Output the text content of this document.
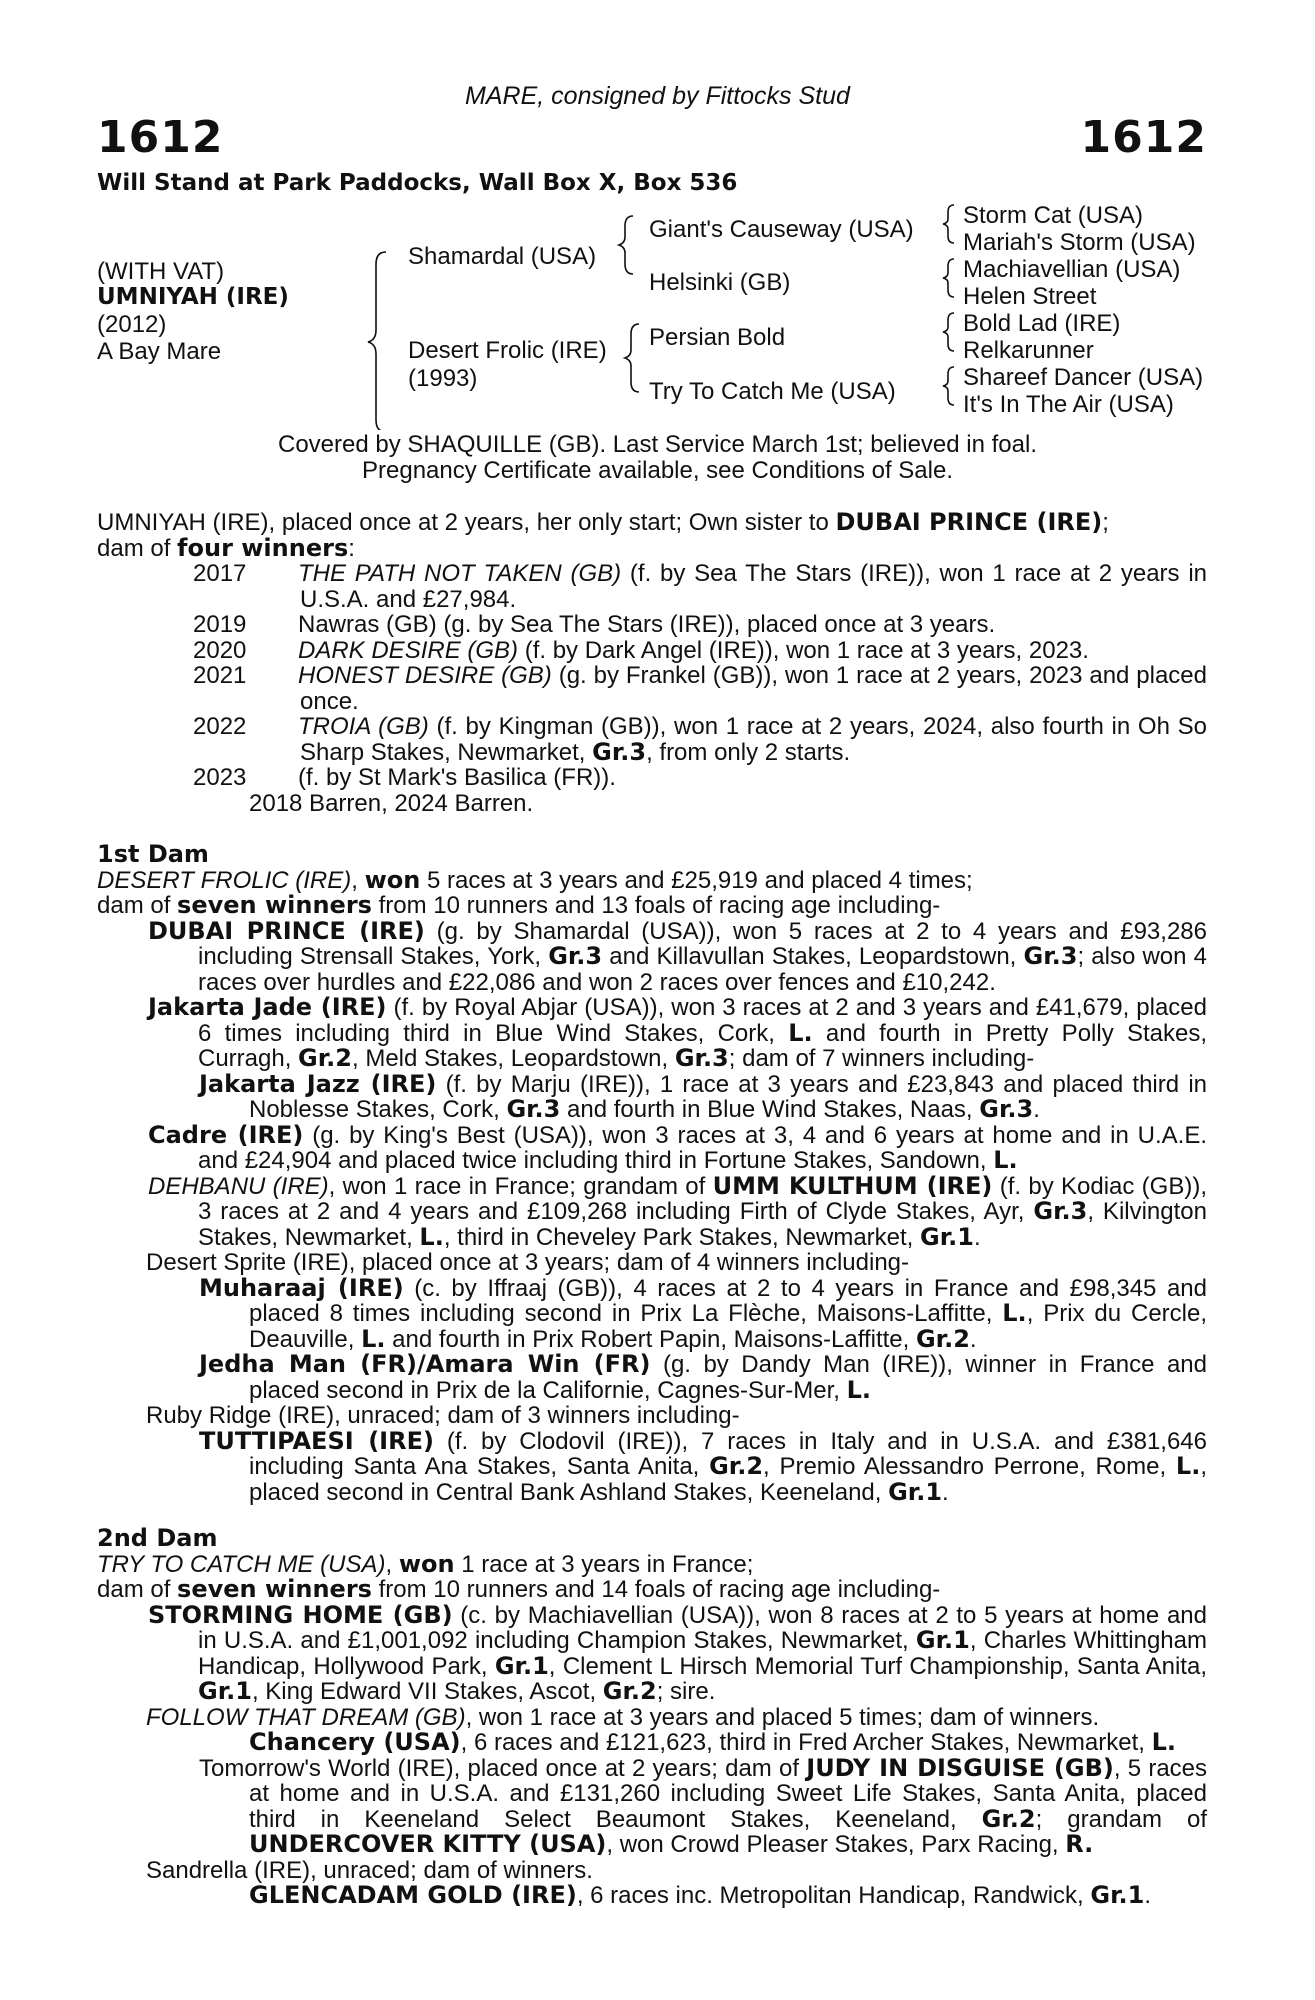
MARE, consigned by Fittocks Stud
1612	1612
Will Stand at Park Paddocks, Wall Box X, Box 536
(WITH VAT)
UMNIYAH (IRE)
(2012)
A Bay Mare
Shamardal (USA)
Desert Frolic (IRE)
(1993)
Giant's Causeway (USA)
Helsinki (GB)
Persian Bold
Try To Catch Me (USA)
Storm Cat (USA)
Mariah's Storm (USA)
Machiavellian (USA)
Helen Street
Bold Lad (IRE)
Relkarunner
Shareef Dancer (USA)
It's In The Air (USA)
Covered by SHAQUILLE (GB). Last Service March 1st; believed in foal.
Pregnancy Certificate available, see Conditions of Sale.

UMNIYAH (IRE), placed once at 2 years, her only start; Own sister to DUBAI PRINCE (IRE);

dam of four winners:

2017 THE PATH NOT TAKEN (GB) (f. by Sea The Stars (IRE)), won 1 race at 2 years in U.S.A. and £27,984.

2019 Nawras (GB) (g. by Sea The Stars (IRE)), placed once at 3 years.

2020 DARK DESIRE (GB) (f. by Dark Angel (IRE)), won 1 race at 3 years, 2023.

2021 HONEST DESIRE (GB) (g. by Frankel (GB)), won 1 race at 2 years, 2023 and placed once.

2022 TROIA (GB) (f. by Kingman (GB)), won 1 race at 2 years, 2024, also fourth in Oh So Sharp Stakes, Newmarket, Gr.3, from only 2 starts.

2023 (f. by St Mark's Basilica (FR)).

2018 Barren, 2024 Barren.

1st Dam

DESERT FROLIC (IRE), won 5 races at 3 years and £25,919 and placed 4 times;

dam of seven winners from 10 runners and 13 foals of racing age including-

DUBAI PRINCE (IRE) (g. by Shamardal (USA)), won 5 races at 2 to 4 years and £93,286 including Strensall Stakes, York, Gr.3 and Killavullan Stakes, Leopardstown, Gr.3; also won 4 races over hurdles and £22,086 and won 2 races over fences and £10,242.

Jakarta Jade (IRE) (f. by Royal Abjar (USA)), won 3 races at 2 and 3 years and £41,679, placed 6 times including third in Blue Wind Stakes, Cork, L. and fourth in Pretty Polly Stakes, Curragh, Gr.2, Meld Stakes, Leopardstown, Gr.3; dam of 7 winners including-

Jakarta Jazz (IRE) (f. by Marju (IRE)), 1 race at 3 years and £23,843 and placed third in Noblesse Stakes, Cork, Gr.3 and fourth in Blue Wind Stakes, Naas, Gr.3.

Cadre (IRE) (g. by King's Best (USA)), won 3 races at 3, 4 and 6 years at home and in U.A.E. and £24,904 and placed twice including third in Fortune Stakes, Sandown, L.

DEHBANU (IRE), won 1 race in France; grandam of UMM KULTHUM (IRE) (f. by Kodiac (GB)), 3 races at 2 and 4 years and £109,268 including Firth of Clyde Stakes, Ayr, Gr.3, Kilvington Stakes, Newmarket, L., third in Cheveley Park Stakes, Newmarket, Gr.1.

Desert Sprite (IRE), placed once at 3 years; dam of 4 winners including-

Muharaaj (IRE) (c. by Iffraaj (GB)), 4 races at 2 to 4 years in France and £98,345 and placed 8 times including second in Prix La Flèche, Maisons-Laffitte, L., Prix du Cercle, Deauville, L. and fourth in Prix Robert Papin, Maisons-Laffitte, Gr.2.

Jedha Man (FR)/Amara Win (FR) (g. by Dandy Man (IRE)), winner in France and placed second in Prix de la Californie, Cagnes-Sur-Mer, L.

Ruby Ridge (IRE), unraced; dam of 3 winners including-

TUTTIPAESI (IRE) (f. by Clodovil (IRE)), 7 races in Italy and in U.S.A. and £381,646 including Santa Ana Stakes, Santa Anita, Gr.2, Premio Alessandro Perrone, Rome, L., placed second in Central Bank Ashland Stakes, Keeneland, Gr.1.

2nd Dam

TRY TO CATCH ME (USA), won 1 race at 3 years in France;

dam of seven winners from 10 runners and 14 foals of racing age including-

STORMING HOME (GB) (c. by Machiavellian (USA)), won 8 races at 2 to 5 years at home and in U.S.A. and £1,001,092 including Champion Stakes, Newmarket, Gr.1, Charles Whittingham Handicap, Hollywood Park, Gr.1, Clement L Hirsch Memorial Turf Championship, Santa Anita, Gr.1, King Edward VII Stakes, Ascot, Gr.2; sire.

FOLLOW THAT DREAM (GB), won 1 race at 3 years and placed 5 times; dam of winners.

Chancery (USA), 6 races and £121,623, third in Fred Archer Stakes, Newmarket, L.

Tomorrow's World (IRE), placed once at 2 years; dam of JUDY IN DISGUISE (GB), 5 races at home and in U.S.A. and £131,260 including Sweet Life Stakes, Santa Anita, placed third in Keeneland Select Beaumont Stakes, Keeneland, Gr.2; grandam of UNDERCOVER KITTY (USA), won Crowd Pleaser Stakes, Parx Racing, R.

Sandrella (IRE), unraced; dam of winners.

GLENCADAM GOLD (IRE), 6 races inc. Metropolitan Handicap, Randwick, Gr.1.
